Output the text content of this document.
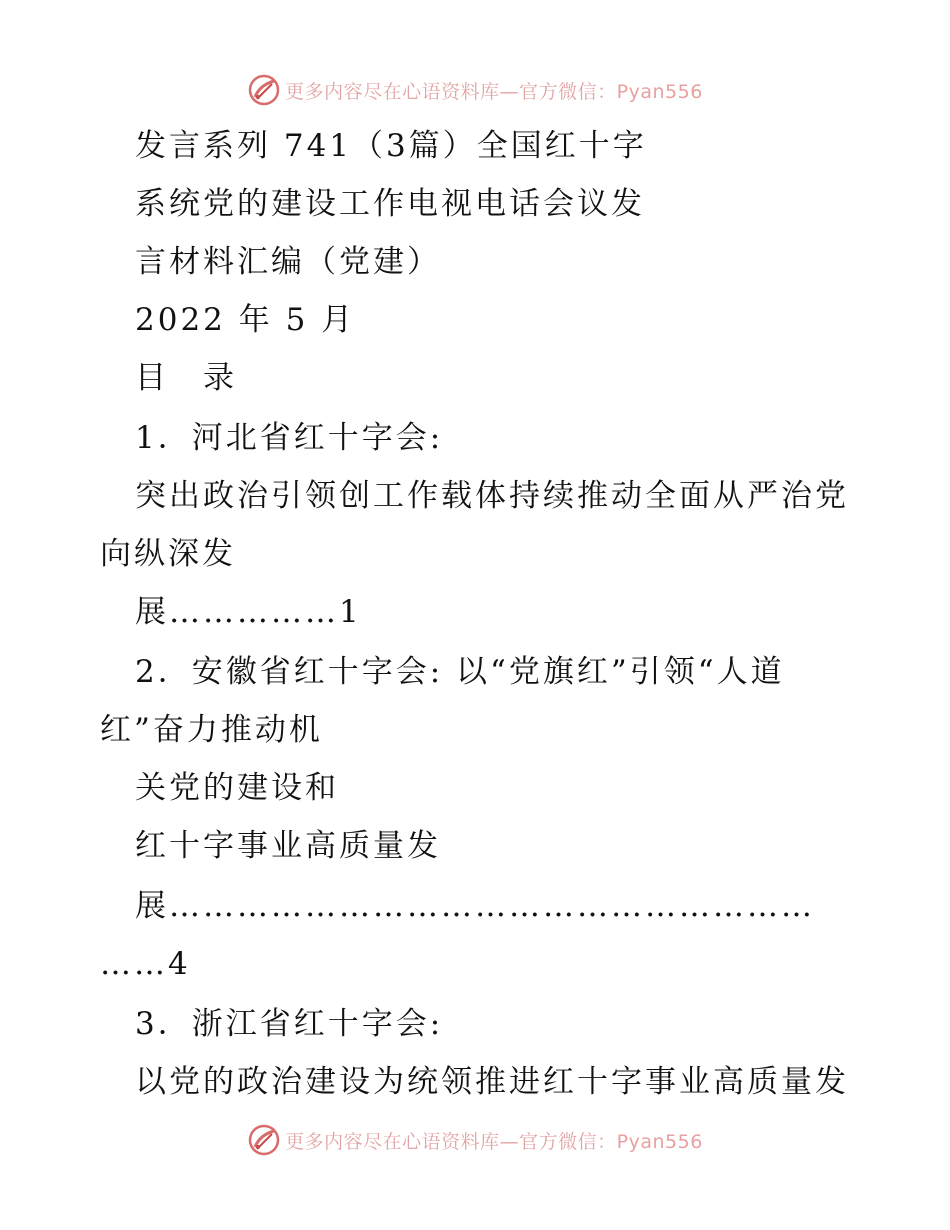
更多内容尽在心语资料库—官方微信：Pyan556
发言系列 741（3篇）全国红十字
系统党的建设工作电视电话会议发
言材料汇编（党建）
2022 年 5 月
目　录
1．河北省红十字会:
突出政治引领创工作载体持续推动全面从严治党
向纵深发
展……………1
2．安徽省红十字会: 以“党旗红”引领“人道
红”奋力推动机
关党的建设和
红十字事业高质量发
展…………………………………………………
……4
3．浙江省红十字会:
以党的政治建设为统领推进红十字事业高质量发
更多内容尽在心语资料库—官方微信：Pyan556
